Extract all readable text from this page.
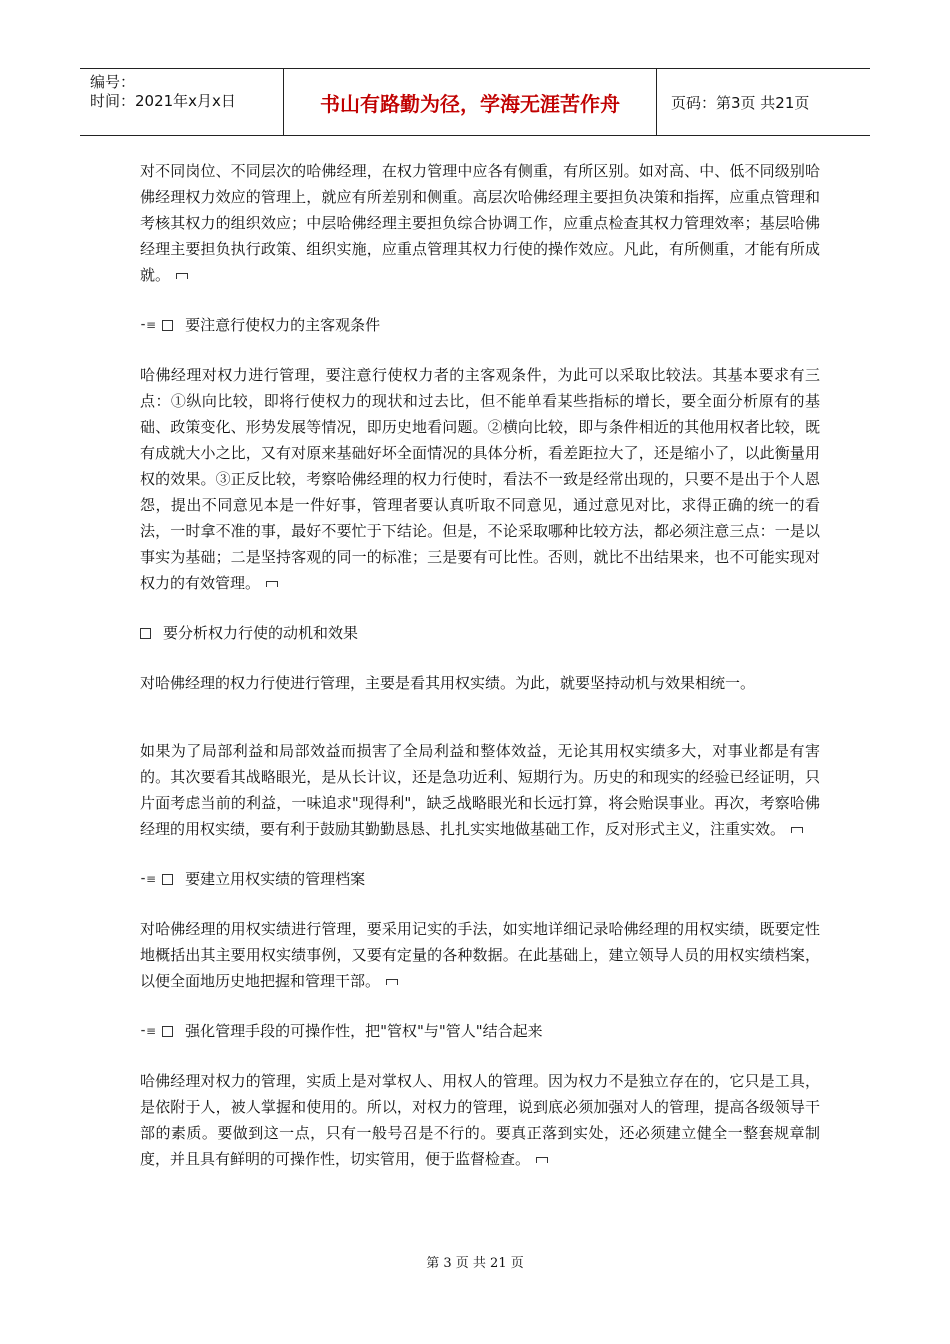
编号：
时间：2021年x月x日	书山有路勤为径，学海无涯苦作舟	页码：第3页 共21页

对不同岗位、不同层次的哈佛经理，在权力管理中应各有侧重，有所区别。如对高、中、低不同级别哈佛经理权力效应的管理上，就应有所差别和侧重。高层次哈佛经理主要担负决策和指挥，应重点管理和考核其权力的组织效应；中层哈佛经理主要担负综合协调工作，应重点检查其权力管理效率；基层哈佛经理主要担负执行政策、组织实施，应重点管理其权力行使的操作效应。凡此，有所侧重，才能有所成就。

⁃≡ 要注意行使权力的主客观条件

哈佛经理对权力进行管理，要注意行使权力者的主客观条件，为此可以采取比较法。其基本要求有三点：①纵向比较，即将行使权力的现状和过去比，但不能单看某些指标的增长，要全面分析原有的基础、政策变化、形势发展等情况，即历史地看问题。②横向比较，即与条件相近的其他用权者比较，既有成就大小之比，又有对原来基础好坏全面情况的具体分析，看差距拉大了，还是缩小了，以此衡量用权的效果。③正反比较，考察哈佛经理的权力行使时，看法不一致是经常出现的，只要不是出于个人恩怨，提出不同意见本是一件好事，管理者要认真听取不同意见，通过意见对比，求得正确的统一的看法，一时拿不准的事，最好不要忙于下结论。但是，不论采取哪种比较方法，都必须注意三点：一是以事实为基础；二是坚持客观的同一的标准；三是要有可比性。否则，就比不出结果来，也不可能实现对权力的有效管理。

要分析权力行使的动机和效果

对哈佛经理的权力行使进行管理，主要是看其用权实绩。为此，就要坚持动机与效果相统一。

如果为了局部利益和局部效益而损害了全局利益和整体效益，无论其用权实绩多大，对事业都是有害的。其次要看其战略眼光，是从长计议，还是急功近利、短期行为。历史的和现实的经验已经证明，只片面考虑当前的利益，一味追求"现得利"，缺乏战略眼光和长远打算，将会贻误事业。再次，考察哈佛经理的用权实绩，要有利于鼓励其勤勤恳恳、扎扎实实地做基础工作，反对形式主义，注重实效。

⁃≡ 要建立用权实绩的管理档案

对哈佛经理的用权实绩进行管理，要采用记实的手法，如实地详细记录哈佛经理的用权实绩，既要定性地概括出其主要用权实绩事例，又要有定量的各种数据。在此基础上，建立领导人员的用权实绩档案，以便全面地历史地把握和管理干部。

⁃≡ 强化管理手段的可操作性，把"管权"与"管人"结合起来

哈佛经理对权力的管理，实质上是对掌权人、用权人的管理。因为权力不是独立存在的，它只是工具，是依附于人，被人掌握和使用的。所以，对权力的管理，说到底必须加强对人的管理，提高各级领导干部的素质。要做到这一点，只有一般号召是不行的。要真正落到实处，还必须建立健全一整套规章制度，并且具有鲜明的可操作性，切实管用，便于监督检查。

第 3 页 共 21 页
